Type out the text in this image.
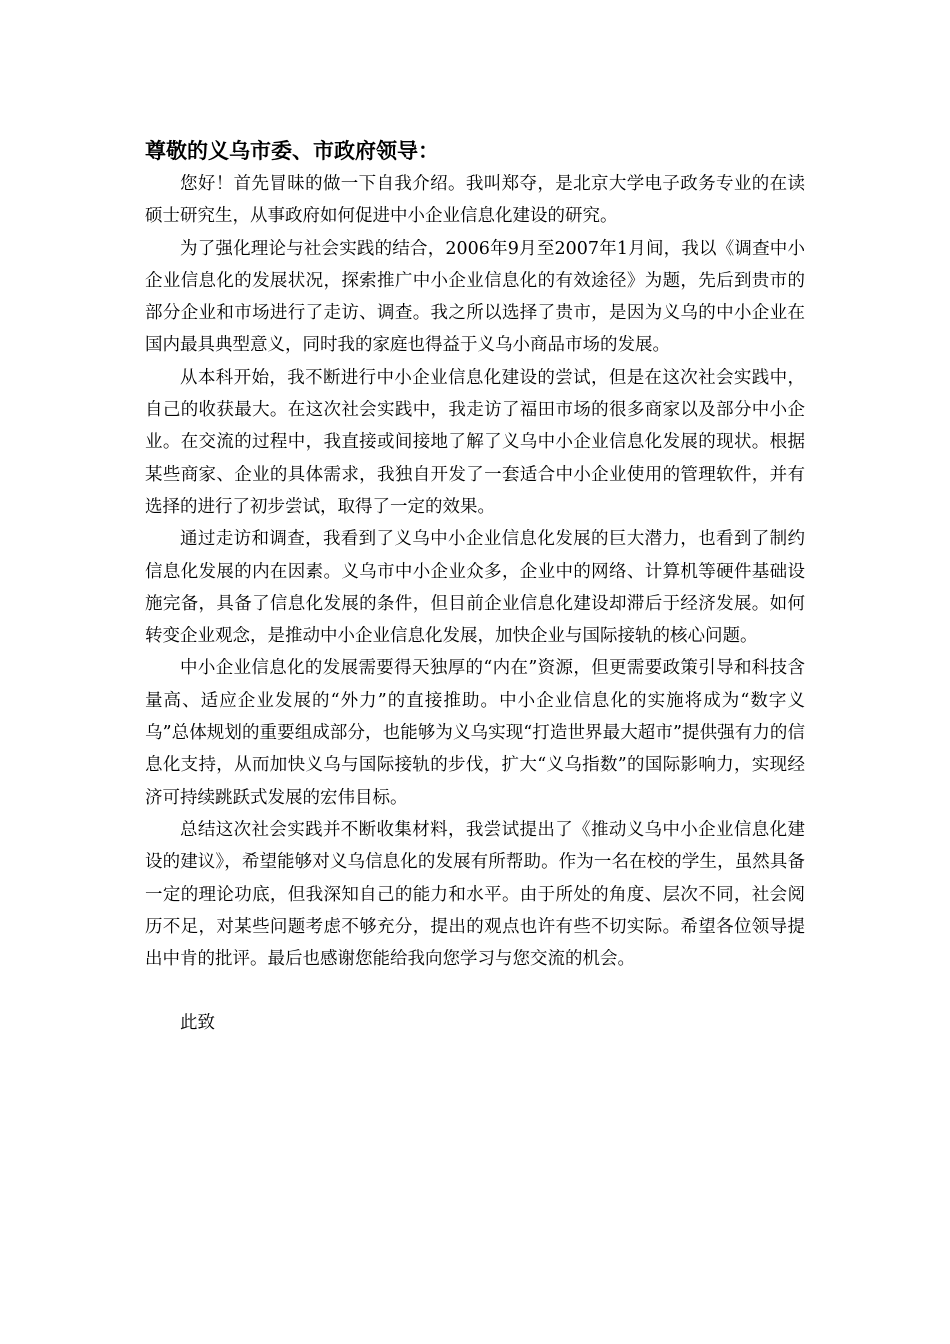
尊敬的义乌市委、市政府领导：

您好！首先冒昧的做一下自我介绍。我叫郑夺，是北京大学电子政务专业的在读硕士研究生，从事政府如何促进中小企业信息化建设的研究。

为了强化理论与社会实践的结合，2006年9月至2007年1月间，我以《调查中小企业信息化的发展状况，探索推广中小企业信息化的有效途径》为题，先后到贵市的部分企业和市场进行了走访、调查。我之所以选择了贵市，是因为义乌的中小企业在国内最具典型意义，同时我的家庭也得益于义乌小商品市场的发展。

从本科开始，我不断进行中小企业信息化建设的尝试，但是在这次社会实践中，自己的收获最大。在这次社会实践中，我走访了福田市场的很多商家以及部分中小企业。在交流的过程中，我直接或间接地了解了义乌中小企业信息化发展的现状。根据某些商家、企业的具体需求，我独自开发了一套适合中小企业使用的管理软件，并有选择的进行了初步尝试，取得了一定的效果。

通过走访和调查，我看到了义乌中小企业信息化发展的巨大潜力，也看到了制约信息化发展的内在因素。义乌市中小企业众多，企业中的网络、计算机等硬件基础设施完备，具备了信息化发展的条件，但目前企业信息化建设却滞后于经济发展。如何转变企业观念，是推动中小企业信息化发展，加快企业与国际接轨的核心问题。

中小企业信息化的发展需要得天独厚的“内在”资源，但更需要政策引导和科技含量高、适应企业发展的“外力”的直接推助。中小企业信息化的实施将成为“数字义乌”总体规划的重要组成部分，也能够为义乌实现“打造世界最大超市”提供强有力的信息化支持，从而加快义乌与国际接轨的步伐，扩大“义乌指数”的国际影响力，实现经济可持续跳跃式发展的宏伟目标。

总结这次社会实践并不断收集材料，我尝试提出了《推动义乌中小企业信息化建设的建议》，希望能够对义乌信息化的发展有所帮助。作为一名在校的学生，虽然具备一定的理论功底，但我深知自己的能力和水平。由于所处的角度、层次不同，社会阅历不足，对某些问题考虑不够充分，提出的观点也许有些不切实际。希望各位领导提出中肯的批评。最后也感谢您能给我向您学习与您交流的机会。

此致
